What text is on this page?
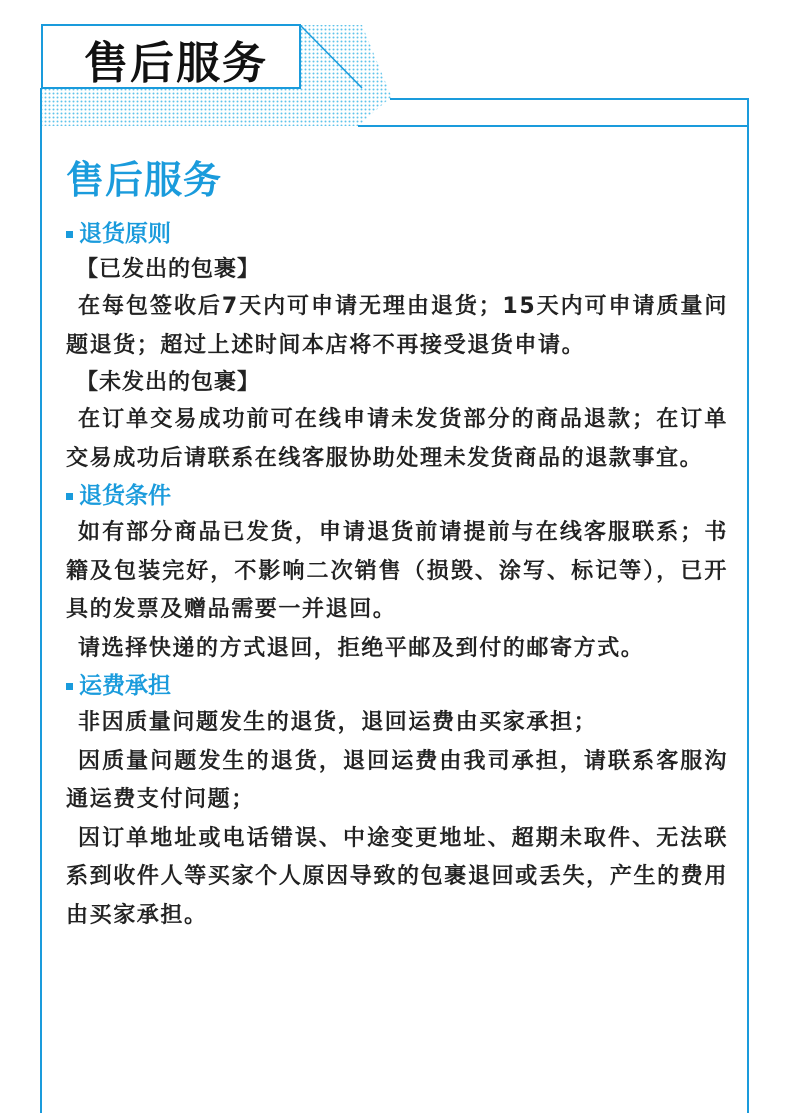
售后服务
售后服务
退货原则

【已发出的包裹】

在每包签收后7天内可申请无理由退货；15天内可申请质量问题退货；超过上述时间本店将不再接受退货申请。

【未发出的包裹】

在订单交易成功前可在线申请未发货部分的商品退款；在订单交易成功后请联系在线客服协助处理未发货商品的退款事宜。

退货条件

如有部分商品已发货，申请退货前请提前与在线客服联系；书籍及包装完好，不影响二次销售（损毁、涂写、标记等），已开具的发票及赠品需要一并退回。

请选择快递的方式退回，拒绝平邮及到付的邮寄方式。

运费承担

非因质量问题发生的退货，退回运费由买家承担；

因质量问题发生的退货，退回运费由我司承担，请联系客服沟通运费支付问题；

因订单地址或电话错误、中途变更地址、超期未取件、无法联系到收件人等买家个人原因导致的包裹退回或丢失，产生的费用由买家承担。
